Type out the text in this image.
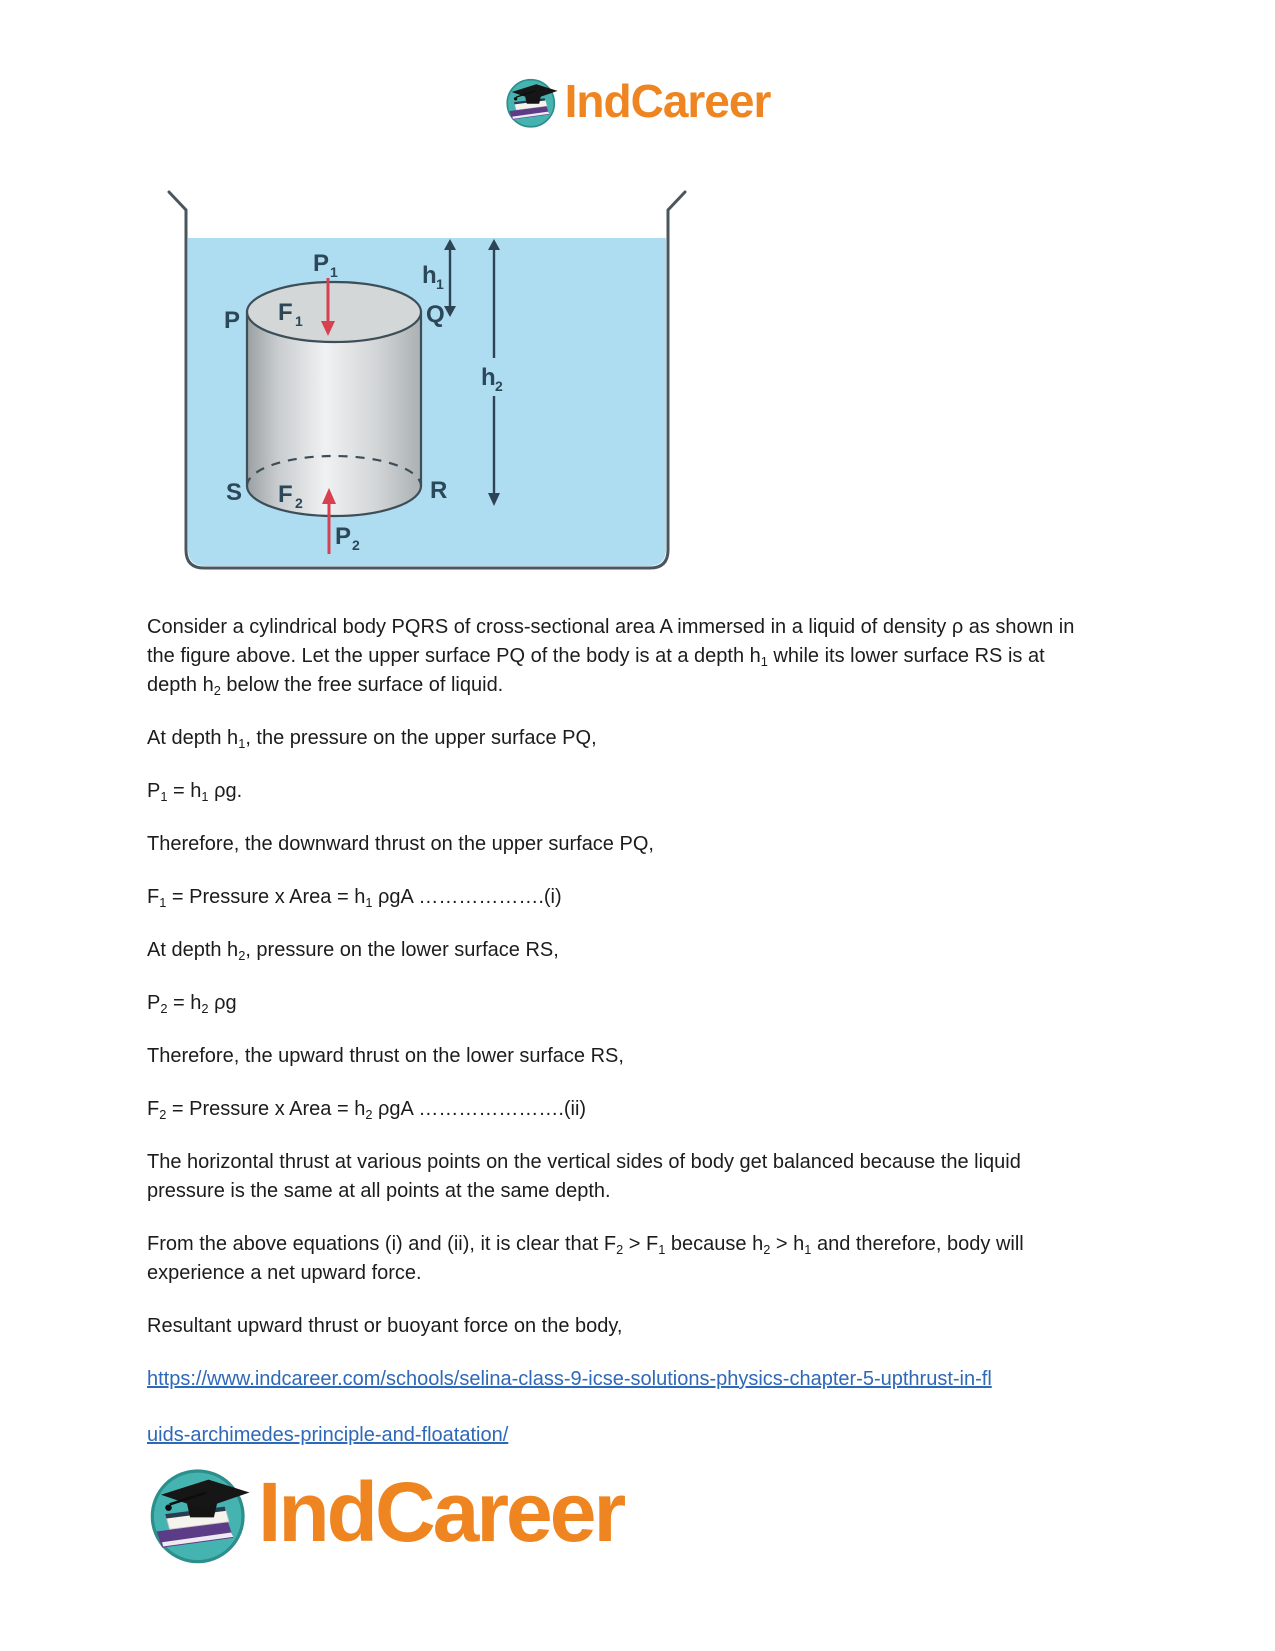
IndCareer
P	Q
S	R
F 1
F 2
P 1
P 2
h 1
h 2

Consider a cylindrical body PQRS of cross-sectional area A immersed in a liquid of density ρ as shown in the figure above. Let the upper surface PQ of the body is at a depth $h_1$ while its lower surface RS is at depth $h_2$ below the free surface of liquid.

At depth $h_1$, the pressure on the upper surface PQ,

$P_1 = h_1$ ρg.

Therefore, the downward thrust on the upper surface PQ,

$F_1$ = Pressure x Area = $h_1$ ρgA ……………….(i)

At depth $h_2$, pressure on the lower surface RS,

$P_2 = h_2$ ρg

Therefore, the upward thrust on the lower surface RS,

$F_2$ = Pressure x Area = $h_2$ ρgA ………………….(ii)

The horizontal thrust at various points on the vertical sides of body get balanced because the liquid pressure is the same at all points at the same depth.

From the above equations (i) and (ii), it is clear that $F_2 > F_1$ because $h_2 > h_1$ and therefore, body will experience a net upward force.

Resultant upward thrust or buoyant force on the body,

https://www.indcareer.com/schools/selina-class-9-icse-solutions-physics-chapter-5-upthrust-in-fl
uids-archimedes-principle-and-floatation/
IndCareer
